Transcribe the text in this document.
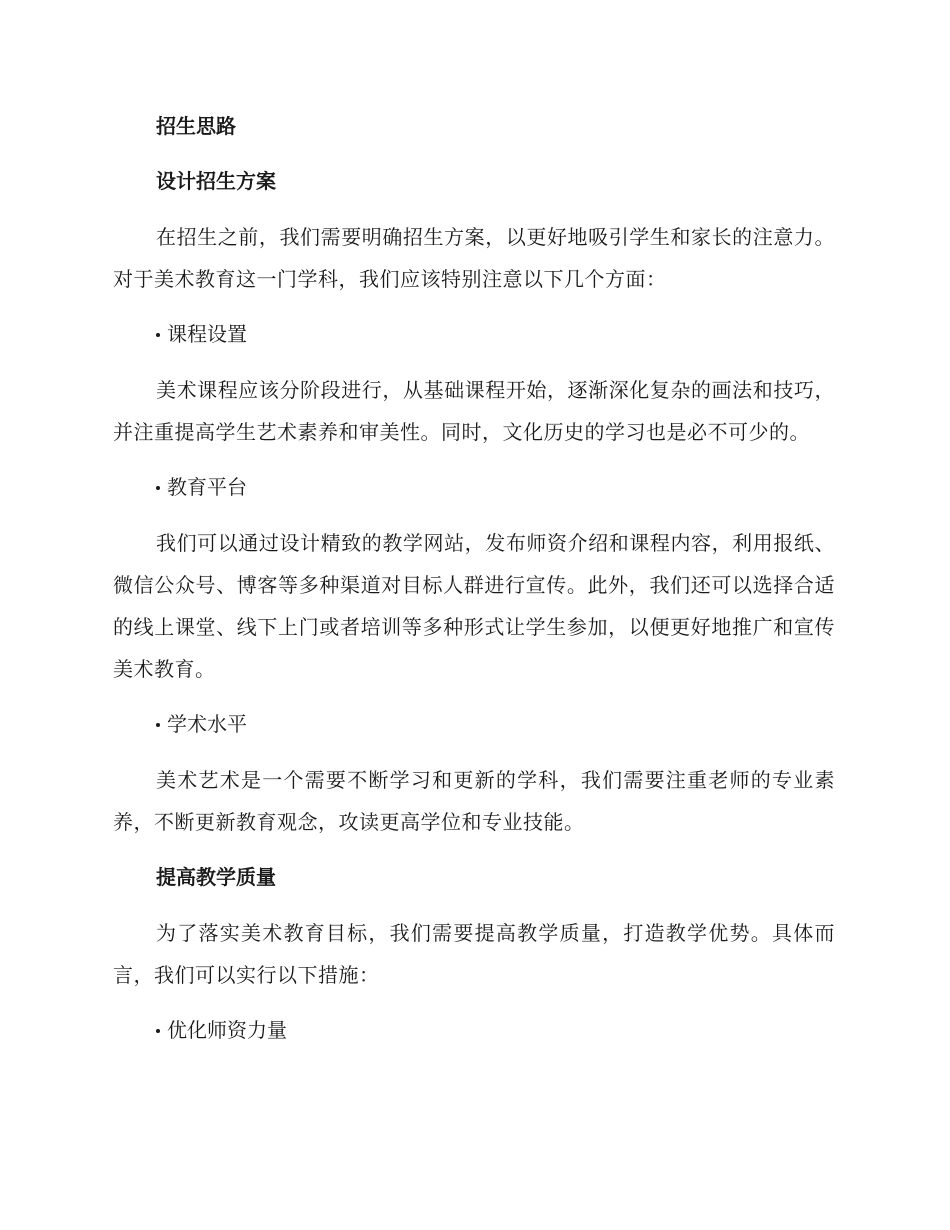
招生思路
设计招生方案

在招生之前，我们需要明确招生方案，以更好地吸引学生和家长的注意力。对于美术教育这一门学科，我们应该特别注意以下几个方面：

课程设置

美术课程应该分阶段进行，从基础课程开始，逐渐深化复杂的画法和技巧，并注重提高学生艺术素养和审美性。同时，文化历史的学习也是必不可少的。

教育平台

我们可以通过设计精致的教学网站，发布师资介绍和课程内容，利用报纸、微信公众号、博客等多种渠道对目标人群进行宣传。此外，我们还可以选择合适的线上课堂、线下上门或者培训等多种形式让学生参加，以便更好地推广和宣传美术教育。

学术水平

美术艺术是一个需要不断学习和更新的学科，我们需要注重老师的专业素养，不断更新教育观念，攻读更高学位和专业技能。

提高教学质量

为了落实美术教育目标，我们需要提高教学质量，打造教学优势。具体而言，我们可以实行以下措施：

优化师资力量
